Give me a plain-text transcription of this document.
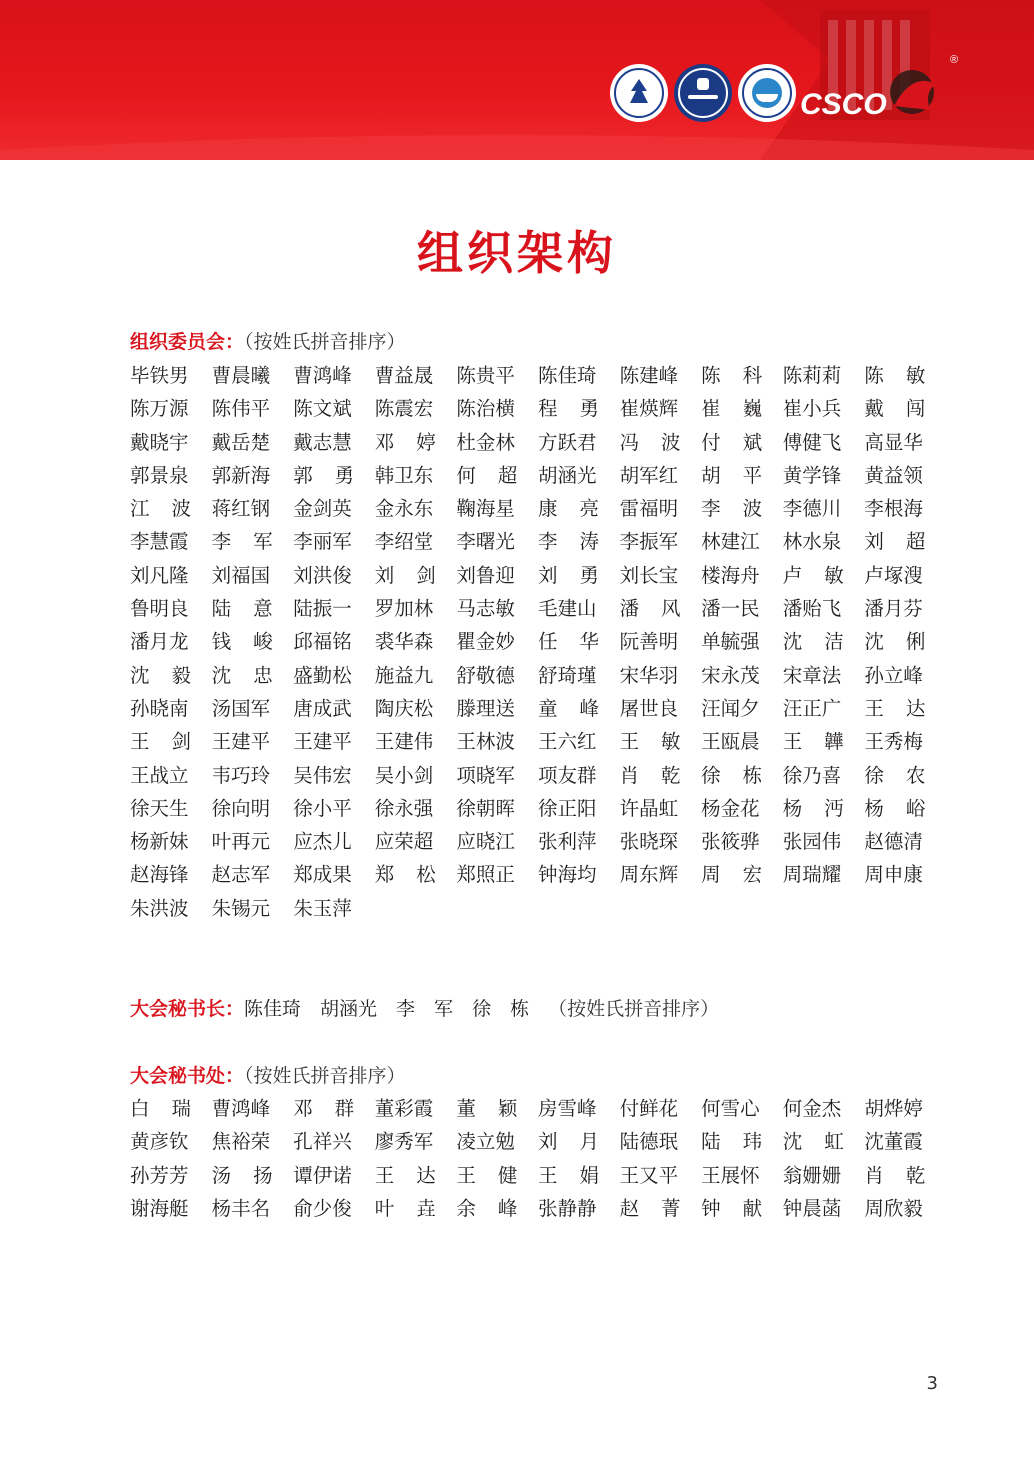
CSCO
®
组织架构
组织委员会：（按姓氏拼音排序）
毕铁男 曹晨曦 曹鸿峰 曹益晟 陈贵平 陈佳琦 陈建峰 陈 科 陈莉莉 陈 敏
陈万源 陈伟平 陈文斌 陈震宏 陈治横 程 勇 崔煐辉 崔 巍 崔小兵 戴 闯
戴晓宇 戴岳楚 戴志慧 邓 婷 杜金林 方跃君 冯 波 付 斌 傅健飞 高显华
郭景泉 郭新海 郭 勇 韩卫东 何 超 胡涵光 胡军红 胡 平 黄学锋 黄益领
江 波 蒋红钢 金剑英 金永东 鞠海星 康 亮 雷福明 李 波 李德川 李根海
李慧霞 李 军 李丽军 李绍堂 李曙光 李 涛 李振军 林建江 林水泉 刘 超
刘凡隆 刘福国 刘洪俊 刘 剑 刘鲁迎 刘 勇 刘长宝 楼海舟 卢 敏 卢塚溲
鲁明良 陆 意 陆振一 罗加林 马志敏 毛建山 潘 风 潘一民 潘贻飞 潘月芬
潘月龙 钱 峻 邱福铭 裘华森 瞿金妙 任 华 阮善明 单毓强 沈 洁 沈 俐
沈 毅 沈 忠 盛勤松 施益九 舒敬德 舒琦瑾 宋华羽 宋永茂 宋章法 孙立峰
孙晓南 汤国军 唐成武 陶庆松 滕理送 童 峰 屠世良 汪闻夕 汪正广 王 达
王 剑 王建平 王建平 王建伟 王林波 王六红 王 敏 王瓯晨 王 韡 王秀梅
王战立 韦巧玲 吴伟宏 吴小剑 项晓军 项友群 肖 乾 徐 栋 徐乃喜 徐 农
徐天生 徐向明 徐小平 徐永强 徐朝晖 徐正阳 许晶虹 杨金花 杨 沔 杨 峪
杨新妹 叶再元 应杰儿 应荣超 应晓江 张利萍 张晓琛 张筱骅 张园伟 赵德清
赵海锋 赵志军 郑成果 郑 松 郑照正 钟海均 周东辉 周 宏 周瑞耀 周申康
朱洪波 朱锡元 朱玉萍
大会秘书长：陈佳琦 胡涵光 李　军 徐　栋 （按姓氏拼音排序）
大会秘书处：（按姓氏拼音排序）
白 瑞 曹鸿峰 邓 群 董彩霞 董 颖 房雪峰 付鲜花 何雪心 何金杰 胡烨婷
黄彦钦 焦裕荣 孔祥兴 廖秀军 凌立勉 刘 月 陆德珉 陆 玮 沈 虹 沈董霞
孙芳芳 汤 扬 谭伊诺 王 达 王 健 王 娟 王又平 王展怀 翁姗姗 肖 乾
谢海艇 杨丰名 俞少俊 叶 垚 余 峰 张静静 赵 菁 钟 献 钟晨菡 周欣毅
3
